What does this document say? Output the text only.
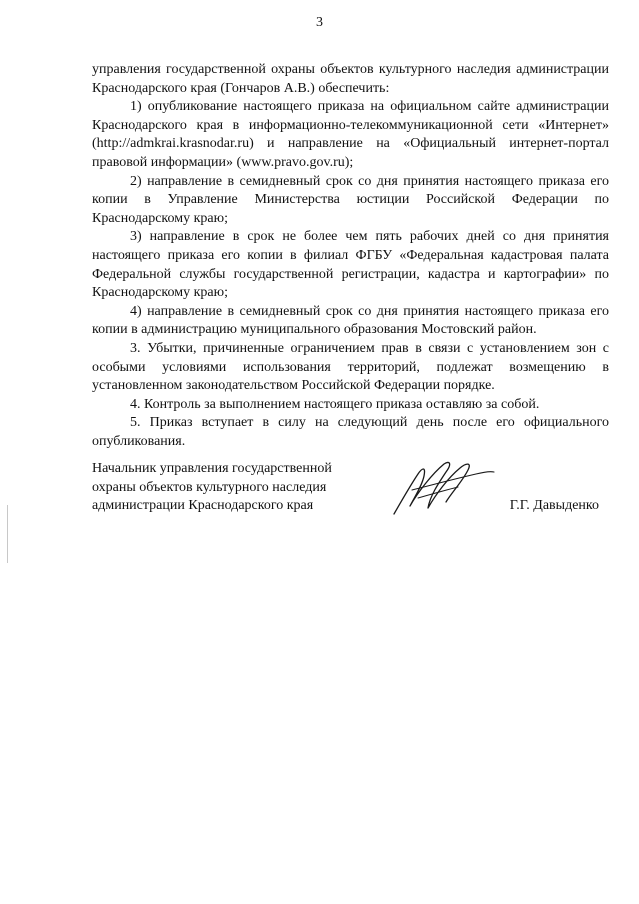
3

управления государственной охраны объектов культурного наследия администрации Краснодарского края (Гончаров А.В.) обеспечить:

1) опубликование настоящего приказа на официальном сайте администрации Краснодарского края в информационно-телекоммуникационной сети «Интернет» (http://admkrai.krasnodar.ru) и направление на «Официальный интернет-портал правовой информации» (www.pravo.gov.ru);

2) направление в семидневный срок со дня принятия настоящего приказа его копии в Управление Министерства юстиции Российской Федерации по Краснодарскому краю;

3) направление в срок не более чем пять рабочих дней со дня принятия настоящего приказа его копии в филиал ФГБУ «Федеральная кадастровая палата Федеральной службы государственной регистрации, кадастра и картографии» по Краснодарскому краю;

4) направление в семидневный срок со дня принятия настоящего приказа его копии в администрацию муниципального образования Мостовский район.

3. Убытки, причиненные ограничением прав в связи с установлением зон с особыми условиями использования территорий, подлежат возмещению в установленном законодательством Российской Федерации порядке.

4. Контроль за выполнением настоящего приказа оставляю за собой.

5. Приказ вступает в силу на следующий день после его официального опубликования.

Начальник управления государственной
охраны объектов культурного наследия
администрации Краснодарского края	Г.Г. Давыденко
